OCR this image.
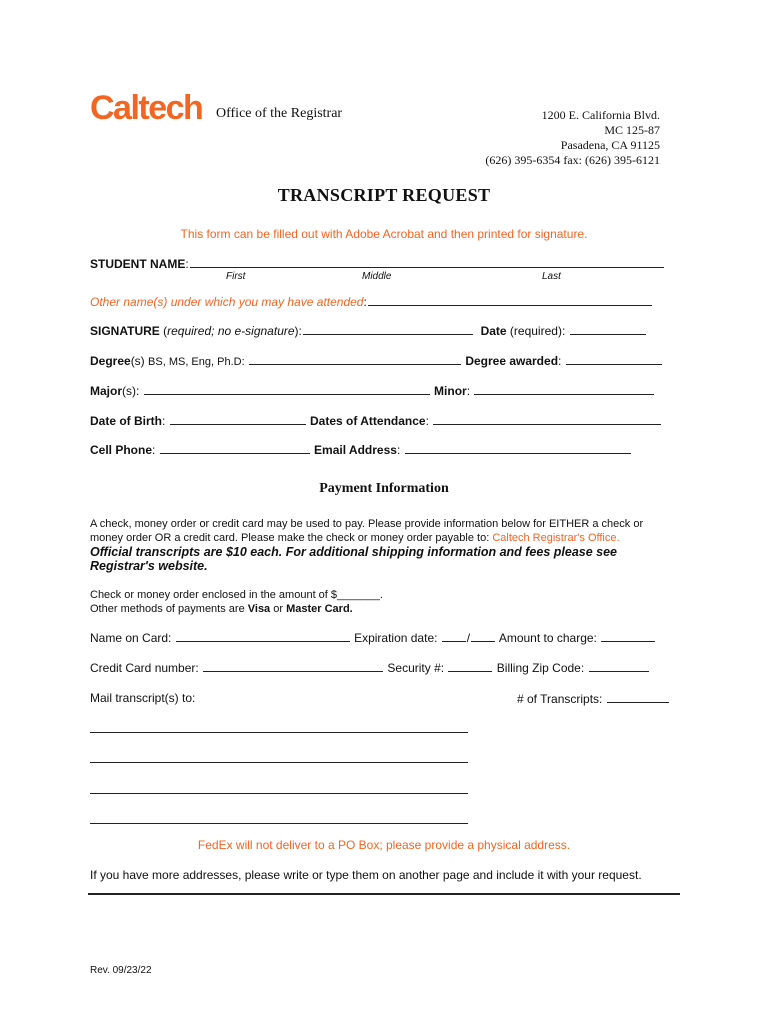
Caltech Office of the Registrar	1200 E. California Blvd.
MC 125-87
Pasadena, CA 91125
(626) 395-6354 fax: (626) 395-6121
TRANSCRIPT REQUEST
This form can be filled out with Adobe Acrobat and then printed for signature.
STUDENT NAME:
First	Middle	Last
Other name(s) under which you may have attended:
SIGNATURE (required; no e-signature):	Date (required):
Degree(s) BS, MS, Eng, Ph.D:	Degree awarded:
Major(s):	Minor:
Date of Birth:	Dates of Attendance:
Cell Phone:	Email Address:
Payment Information
A check, money order or credit card may be used to pay. Please provide information below for EITHER a check or
money order OR a credit card. Please make the check or money order payable to: Caltech Registrar's Office.
Official transcripts are $10 each. For additional shipping information and fees please see
Registrar's website.
Check or money order enclosed in the amount of $_______.
Other methods of payments are Visa or Master Card.
Name on Card:	Expiration date: / Amount to charge:
Credit Card number:	Security #:	Billing Zip Code:
Mail transcript(s) to:	# of Transcripts:
FedEx will not deliver to a PO Box; please provide a physical address.
If you have more addresses, please write or type them on another page and include it with your request.
Rev. 09/23/22
